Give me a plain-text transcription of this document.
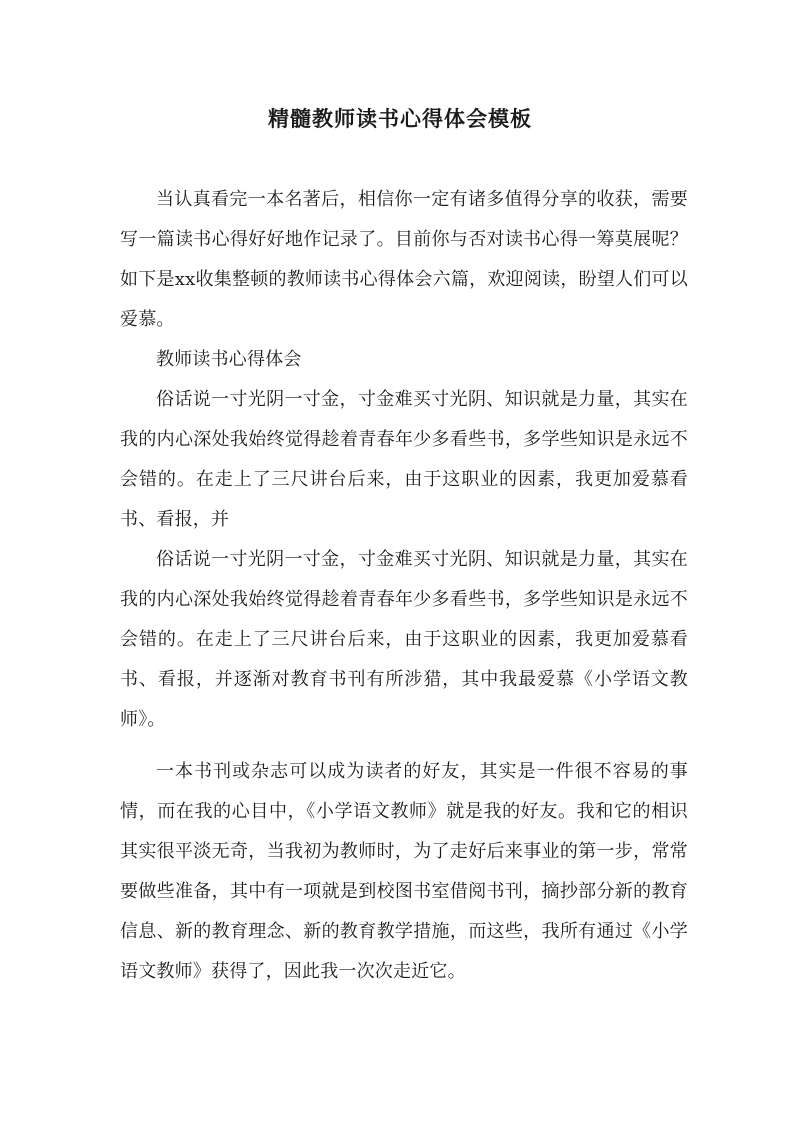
精髓教师读书心得体会模板

当认真看完一本名著后，相信你一定有诸多值得分享的收获，需要写一篇读书心得好好地作记录了。目前你与否对读书心得一筹莫展呢？如下是xx收集整顿的教师读书心得体会六篇，欢迎阅读，盼望人们可以爱慕。

教师读书心得体会

俗话说一寸光阴一寸金，寸金难买寸光阴、知识就是力量，其实在我的内心深处我始终觉得趁着青春年少多看些书，多学些知识是永远不会错的。在走上了三尺讲台后来，由于这职业的因素，我更加爱慕看书、看报，并

俗话说一寸光阴一寸金，寸金难买寸光阴、知识就是力量，其实在我的内心深处我始终觉得趁着青春年少多看些书，多学些知识是永远不会错的。在走上了三尺讲台后来，由于这职业的因素，我更加爱慕看书、看报，并逐渐对教育书刊有所涉猎，其中我最爱慕《小学语文教师》。

一本书刊或杂志可以成为读者的好友，其实是一件很不容易的事情，而在我的心目中，《小学语文教师》就是我的好友。我和它的相识其实很平淡无奇，当我初为教师时，为了走好后来事业的第一步，常常要做些准备，其中有一项就是到校图书室借阅书刊，摘抄部分新的教育信息、新的教育理念、新的教育教学措施，而这些，我所有通过《小学语文教师》获得了，因此我一次次走近它。
